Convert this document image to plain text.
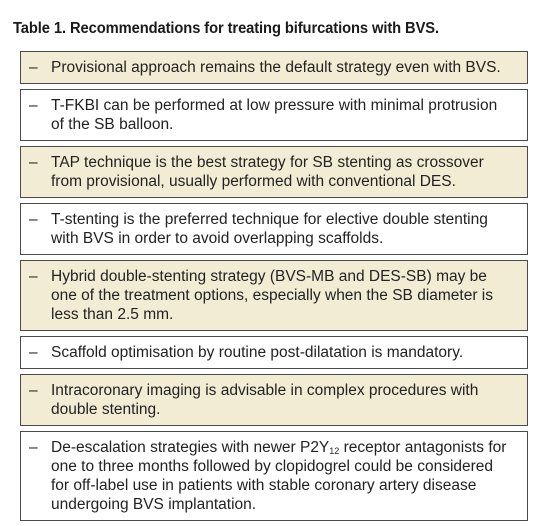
Table 1. Recommendations for treating bifurcations with BVS.
– Provisional approach remains the default strategy even with BVS.
– T-FKBI can be performed at low pressure with minimal protrusion
of the SB balloon.
– TAP technique is the best strategy for SB stenting as crossover
from provisional, usually performed with conventional DES.
– T-stenting is the preferred technique for elective double stenting
with BVS in order to avoid overlapping scaffolds.
– Hybrid double-stenting strategy (BVS-MB and DES-SB) may be
one of the treatment options, especially when the SB diameter is
less than 2.5 mm.
– Scaffold optimisation by routine post-dilatation is mandatory.
– Intracoronary imaging is advisable in complex procedures with
double stenting.
– De-escalation strategies with newer $P2Y_{12}$ receptor antagonists for
one to three months followed by clopidogrel could be considered
for off-label use in patients with stable coronary artery disease
undergoing BVS implantation.
